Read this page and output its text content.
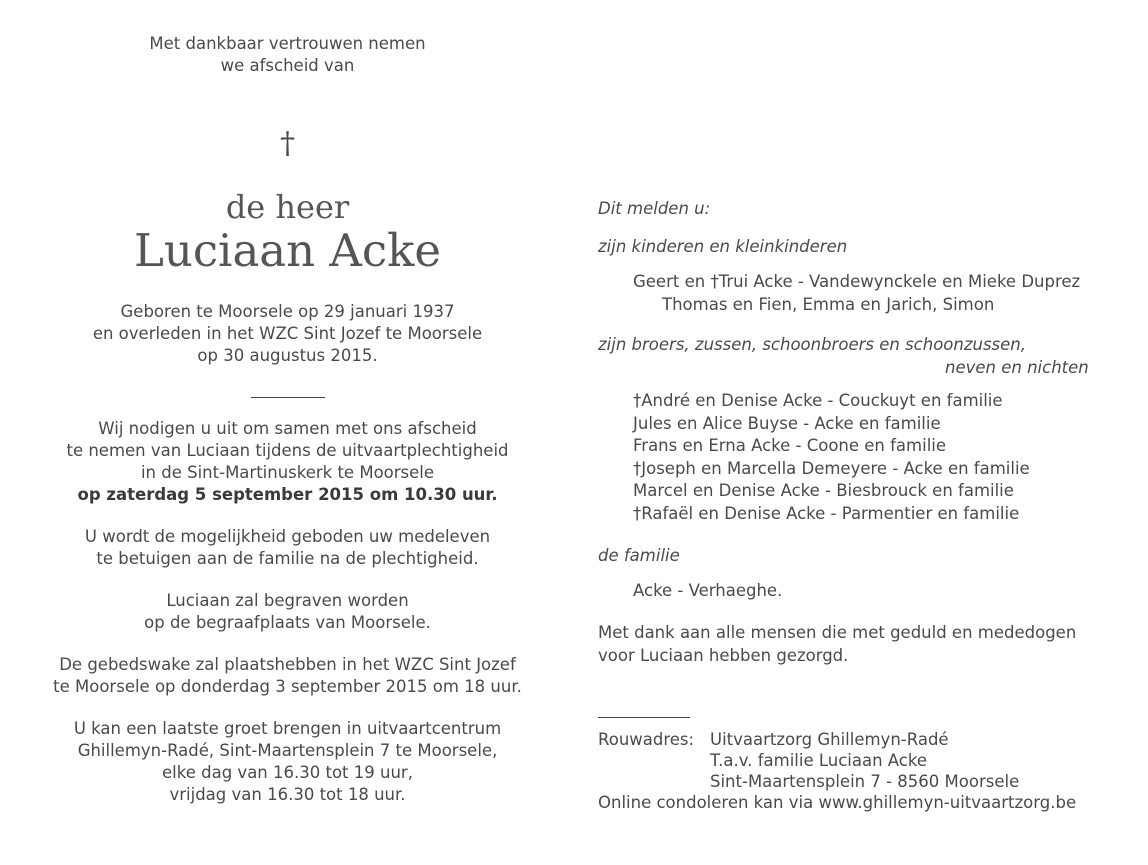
Met dankbaar vertrouwen nemen
we afscheid van
†
de heer
Luciaan Acke
Geboren te Moorsele op 29 januari 1937
en overleden in het WZC Sint Jozef te Moorsele
op 30 augustus 2015.
Wij nodigen u uit om samen met ons afscheid
te nemen van Luciaan tijdens de uitvaartplechtigheid
in de Sint-Martinuskerk te Moorsele
op zaterdag 5 september 2015 om 10.30 uur.
U wordt de mogelijkheid geboden uw medeleven
te betuigen aan de familie na de plechtigheid.
Luciaan zal begraven worden
op de begraafplaats van Moorsele.
De gebedswake zal plaatshebben in het WZC Sint Jozef
te Moorsele op donderdag 3 september 2015 om 18 uur.
U kan een laatste groet brengen in uitvaartcentrum
Ghillemyn-Radé, Sint-Maartensplein 7 te Moorsele,
elke dag van 16.30 tot 19 uur,
vrijdag van 16.30 tot 18 uur.
Dit melden u:
zijn kinderen en kleinkinderen
Geert en †Trui Acke - Vandewynckele en Mieke Duprez
Thomas en Fien, Emma en Jarich, Simon
zijn broers, zussen, schoonbroers en schoonzussen,
neven en nichten
†André en Denise Acke - Couckuyt en familie
Jules en Alice Buyse - Acke en familie
Frans en Erna Acke - Coone en familie
†Joseph en Marcella Demeyere - Acke en familie
Marcel en Denise Acke - Biesbrouck en familie
†Rafaël en Denise Acke - Parmentier en familie
de familie
Acke - Verhaeghe.
Met dank aan alle mensen die met geduld en mededogen
voor Luciaan hebben gezorgd.
Rouwadres: Uitvaartzorg Ghillemyn-Radé
T.a.v. familie Luciaan Acke
Sint-Maartensplein 7 - 8560 Moorsele
Online condoleren kan via www.ghillemyn-uitvaartzorg.be
